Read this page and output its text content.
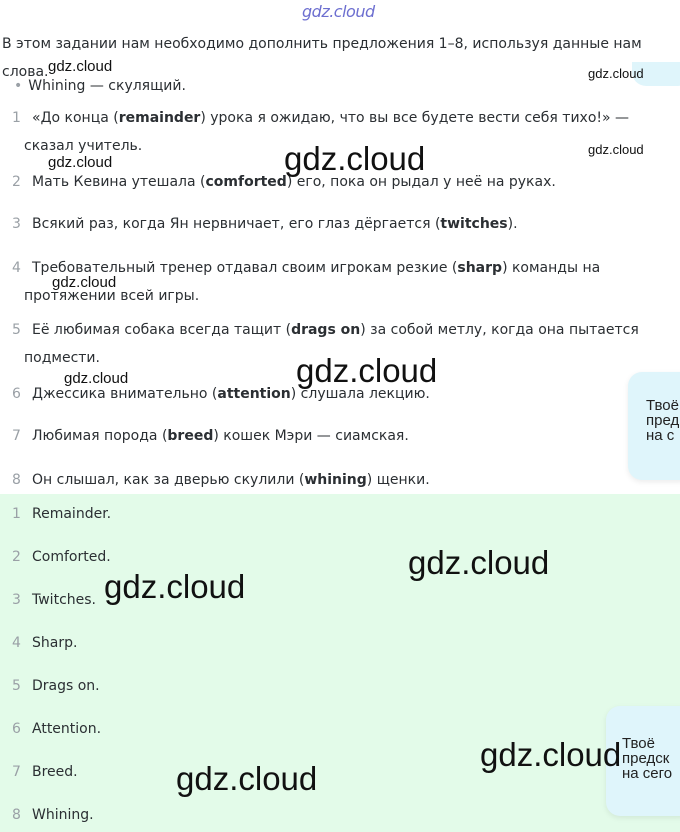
gdz.cloud
В этом задании нам необходимо дополнить предложения 1–8, используя данные нам слова.
• Whining — скулящий.
1 «До конца (remainder) урока я ожидаю, что вы все будете вести себя тихо!» —
сказал учитель.
2 Мать Кевина утешала (comforted) его, пока он рыдал у неё на руках.
3 Всякий раз, когда Ян нервничает, его глаз дёргается (twitches).
4 Требовательный тренер отдавал своим игрокам резкие (sharp) команды на
протяжении всей игры.
5 Её любимая собака всегда тащит (drags on) за собой метлу, когда она пытается
подмести.
6 Джессика внимательно (attention) слушала лекцию.
7 Любимая порода (breed) кошек Мэри — сиамская.
8 Он слышал, как за дверью скулили (whining) щенки.
1 Remainder.
2 Comforted.
3 Twitches.
4 Sharp.
5 Drags on.
6 Attention.
7 Breed.
8 Whining.
Твоё
пред
на с
Твоё
предск
на сего
gdz.cloud	gdz.cloud
gdz.cloud	gdz.cloud	gdz.cloud
gdz.cloud
gdz.cloud
gdz.cloud
gdz.cloud
gdz.cloud
gdz.cloud
gdz.cloud
